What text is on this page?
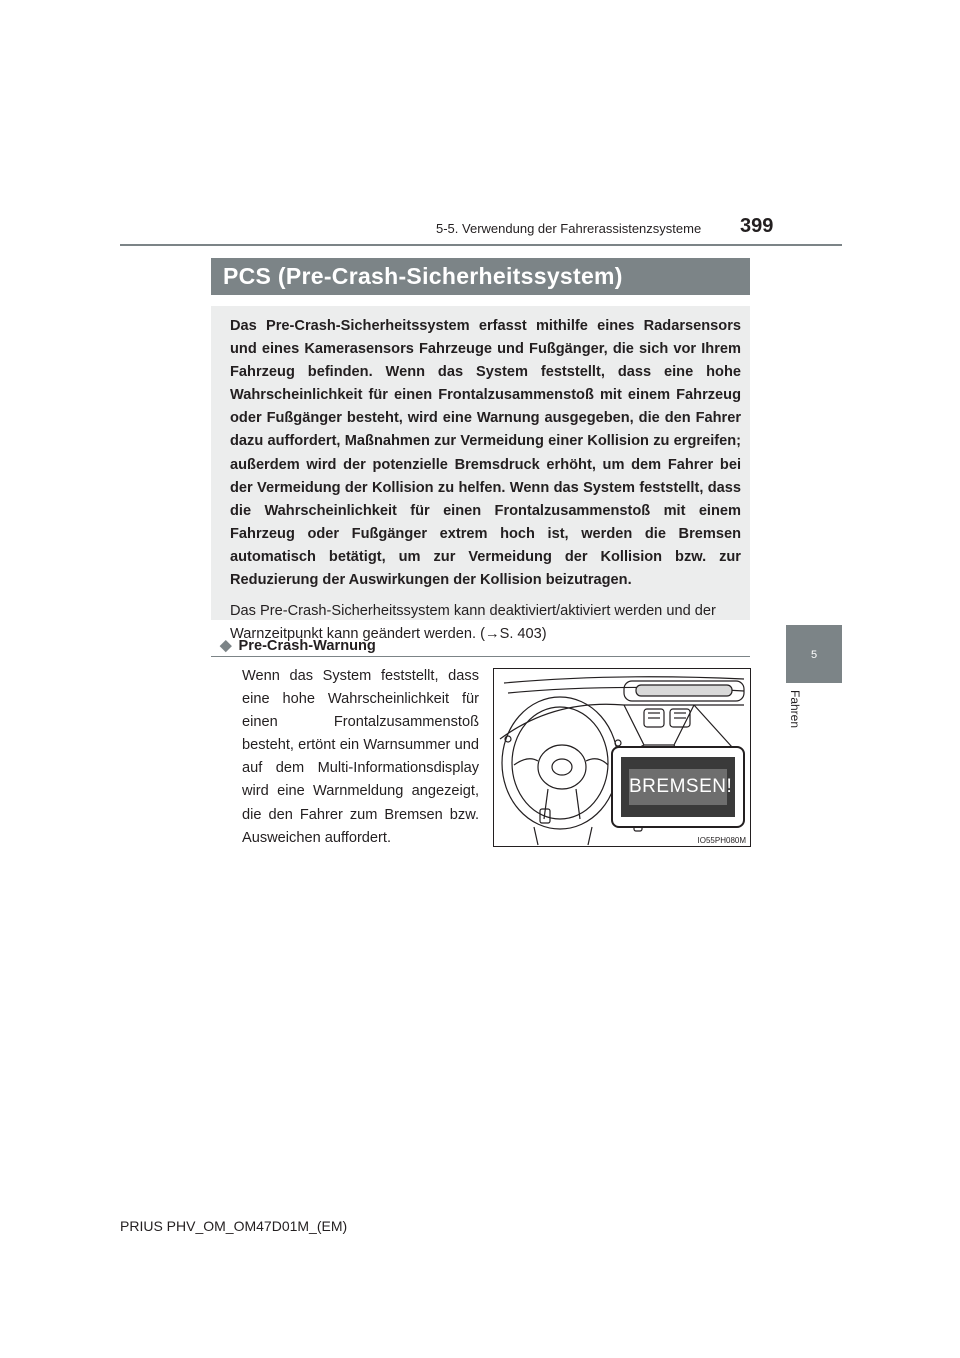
5-5. Verwendung der Fahrerassistenzsysteme 399
5
Fahren
PCS (Pre-Crash-Sicherheitssystem)

Das Pre-Crash-Sicherheitssystem erfasst mithilfe eines Radarsensors und eines Kamerasensors Fahrzeuge und Fußgänger, die sich vor Ihrem Fahrzeug befinden. Wenn das System feststellt, dass eine hohe Wahrscheinlichkeit für einen Frontalzusammenstoß mit einem Fahrzeug oder Fußgänger besteht, wird eine Warnung ausgegeben, die den Fahrer dazu auffordert, Maßnahmen zur Vermeidung einer Kollision zu ergreifen; außerdem wird der potenzielle Bremsdruck erhöht, um dem Fahrer bei der Vermeidung der Kollision zu helfen. Wenn das System feststellt, dass die Wahrscheinlichkeit für einen Frontalzusammenstoß mit einem Fahrzeug oder Fußgänger extrem hoch ist, werden die Bremsen automatisch betätigt, um zur Vermeidung der Kollision bzw. zur Reduzierung der Auswirkungen der Kollision beizutragen.

Das Pre-Crash-Sicherheitssystem kann deaktiviert/aktiviert werden und der Warnzeitpunkt kann geändert werden. (→S. 403)

◆ Pre-Crash-Warnung

Wenn das System feststellt, dass eine hohe Wahrscheinlichkeit für einen Frontalzusammenstoß besteht, ertönt ein Warnsummer und auf dem Multi-Informationsdisplay wird eine Warnmeldung angezeigt, die den Fahrer zum Bremsen bzw. Ausweichen auffordert.	IO55PH080M
BREMSEN!
PRIUS PHV_OM_OM47D01M_(EM)
